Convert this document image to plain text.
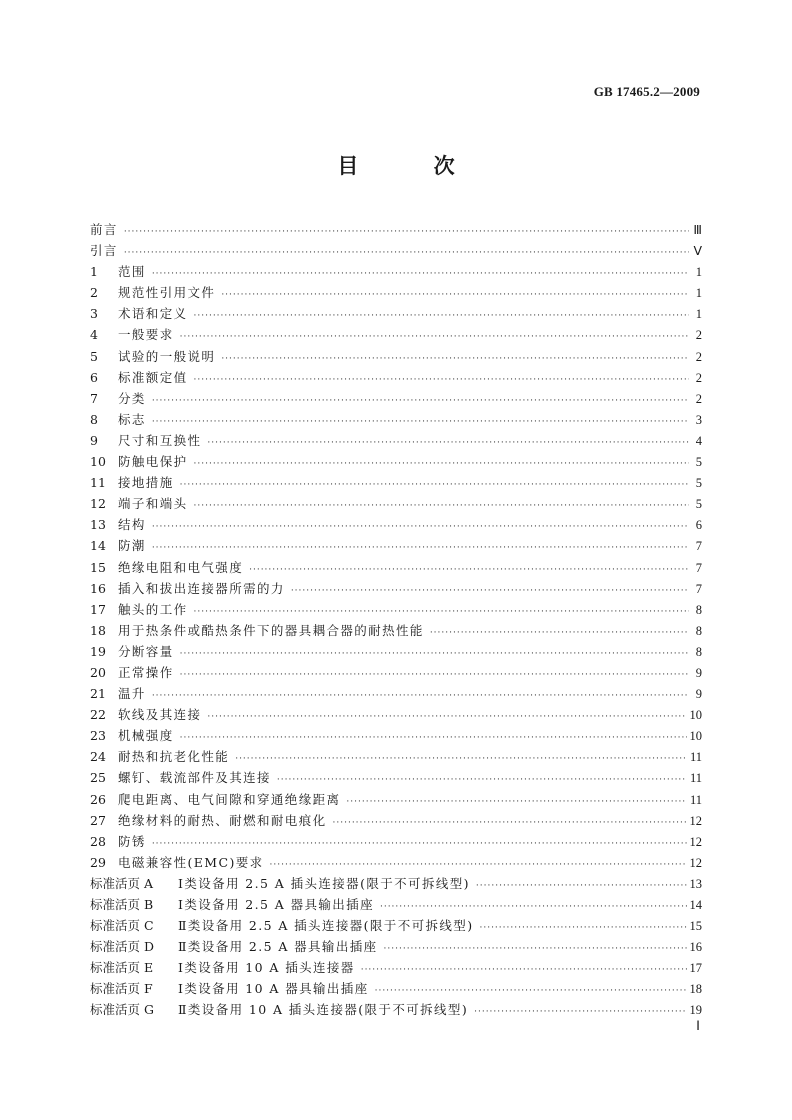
GB 17465.2—2009
目 次
前言 ·····	Ⅲ
引言 ·····	Ⅴ
1	范围 ·····	1
2	规范性引用文件 ·····	1
3	术语和定义 ·····	1
4	一般要求 ·····	2
5	试验的一般说明 ·····	2
6	标准额定值 ·····	2
7	分类 ·····	2
8	标志 ·····	3
9	尺寸和互换性 ·····	4
10 防触电保护 ·····	5
11 接地措施 ·····	5
12 端子和端头 ·····	5
13 结构 ·····	6
14 防潮 ·····	7
15 绝缘电阻和电气强度 ·····	7
16 插入和拔出连接器所需的力 ·····	7
17 触头的工作 ·····	8
18 用于热条件或酷热条件下的器具耦合器的耐热性能 ·····	8
19 分断容量 ·····	8
20 正常操作 ·····	9
21 温升 ·····	9
22 软线及其连接 ·····	10
23 机械强度 ·····	10
24 耐热和抗老化性能 ·····	11
25 螺钉、载流部件及其连接 ·····	11
26 爬电距离、电气间隙和穿通绝缘距离 ·····	11
27 绝缘材料的耐热、耐燃和耐电痕化 ·····	12
28 防锈 ·····	12
29 电磁兼容性(EMC)要求 ·····	12
标准活页 A	Ⅰ类设备用 2.5 A 插头连接器(限于不可拆线型) ·····	13
标准活页 B	Ⅰ类设备用 2.5 A 器具输出插座 ·····	14
标准活页 C	Ⅱ类设备用 2.5 A 插头连接器(限于不可拆线型) ·····	15
标准活页 D	Ⅱ类设备用 2.5 A 器具输出插座 ·····	16
标准活页 E	Ⅰ类设备用 10 A 插头连接器 ·····	17
标准活页 F	Ⅰ类设备用 10 A 器具输出插座 ·····	18
标准活页 G	Ⅱ类设备用 10 A 插头连接器(限于不可拆线型) ·····	19
Ⅰ
